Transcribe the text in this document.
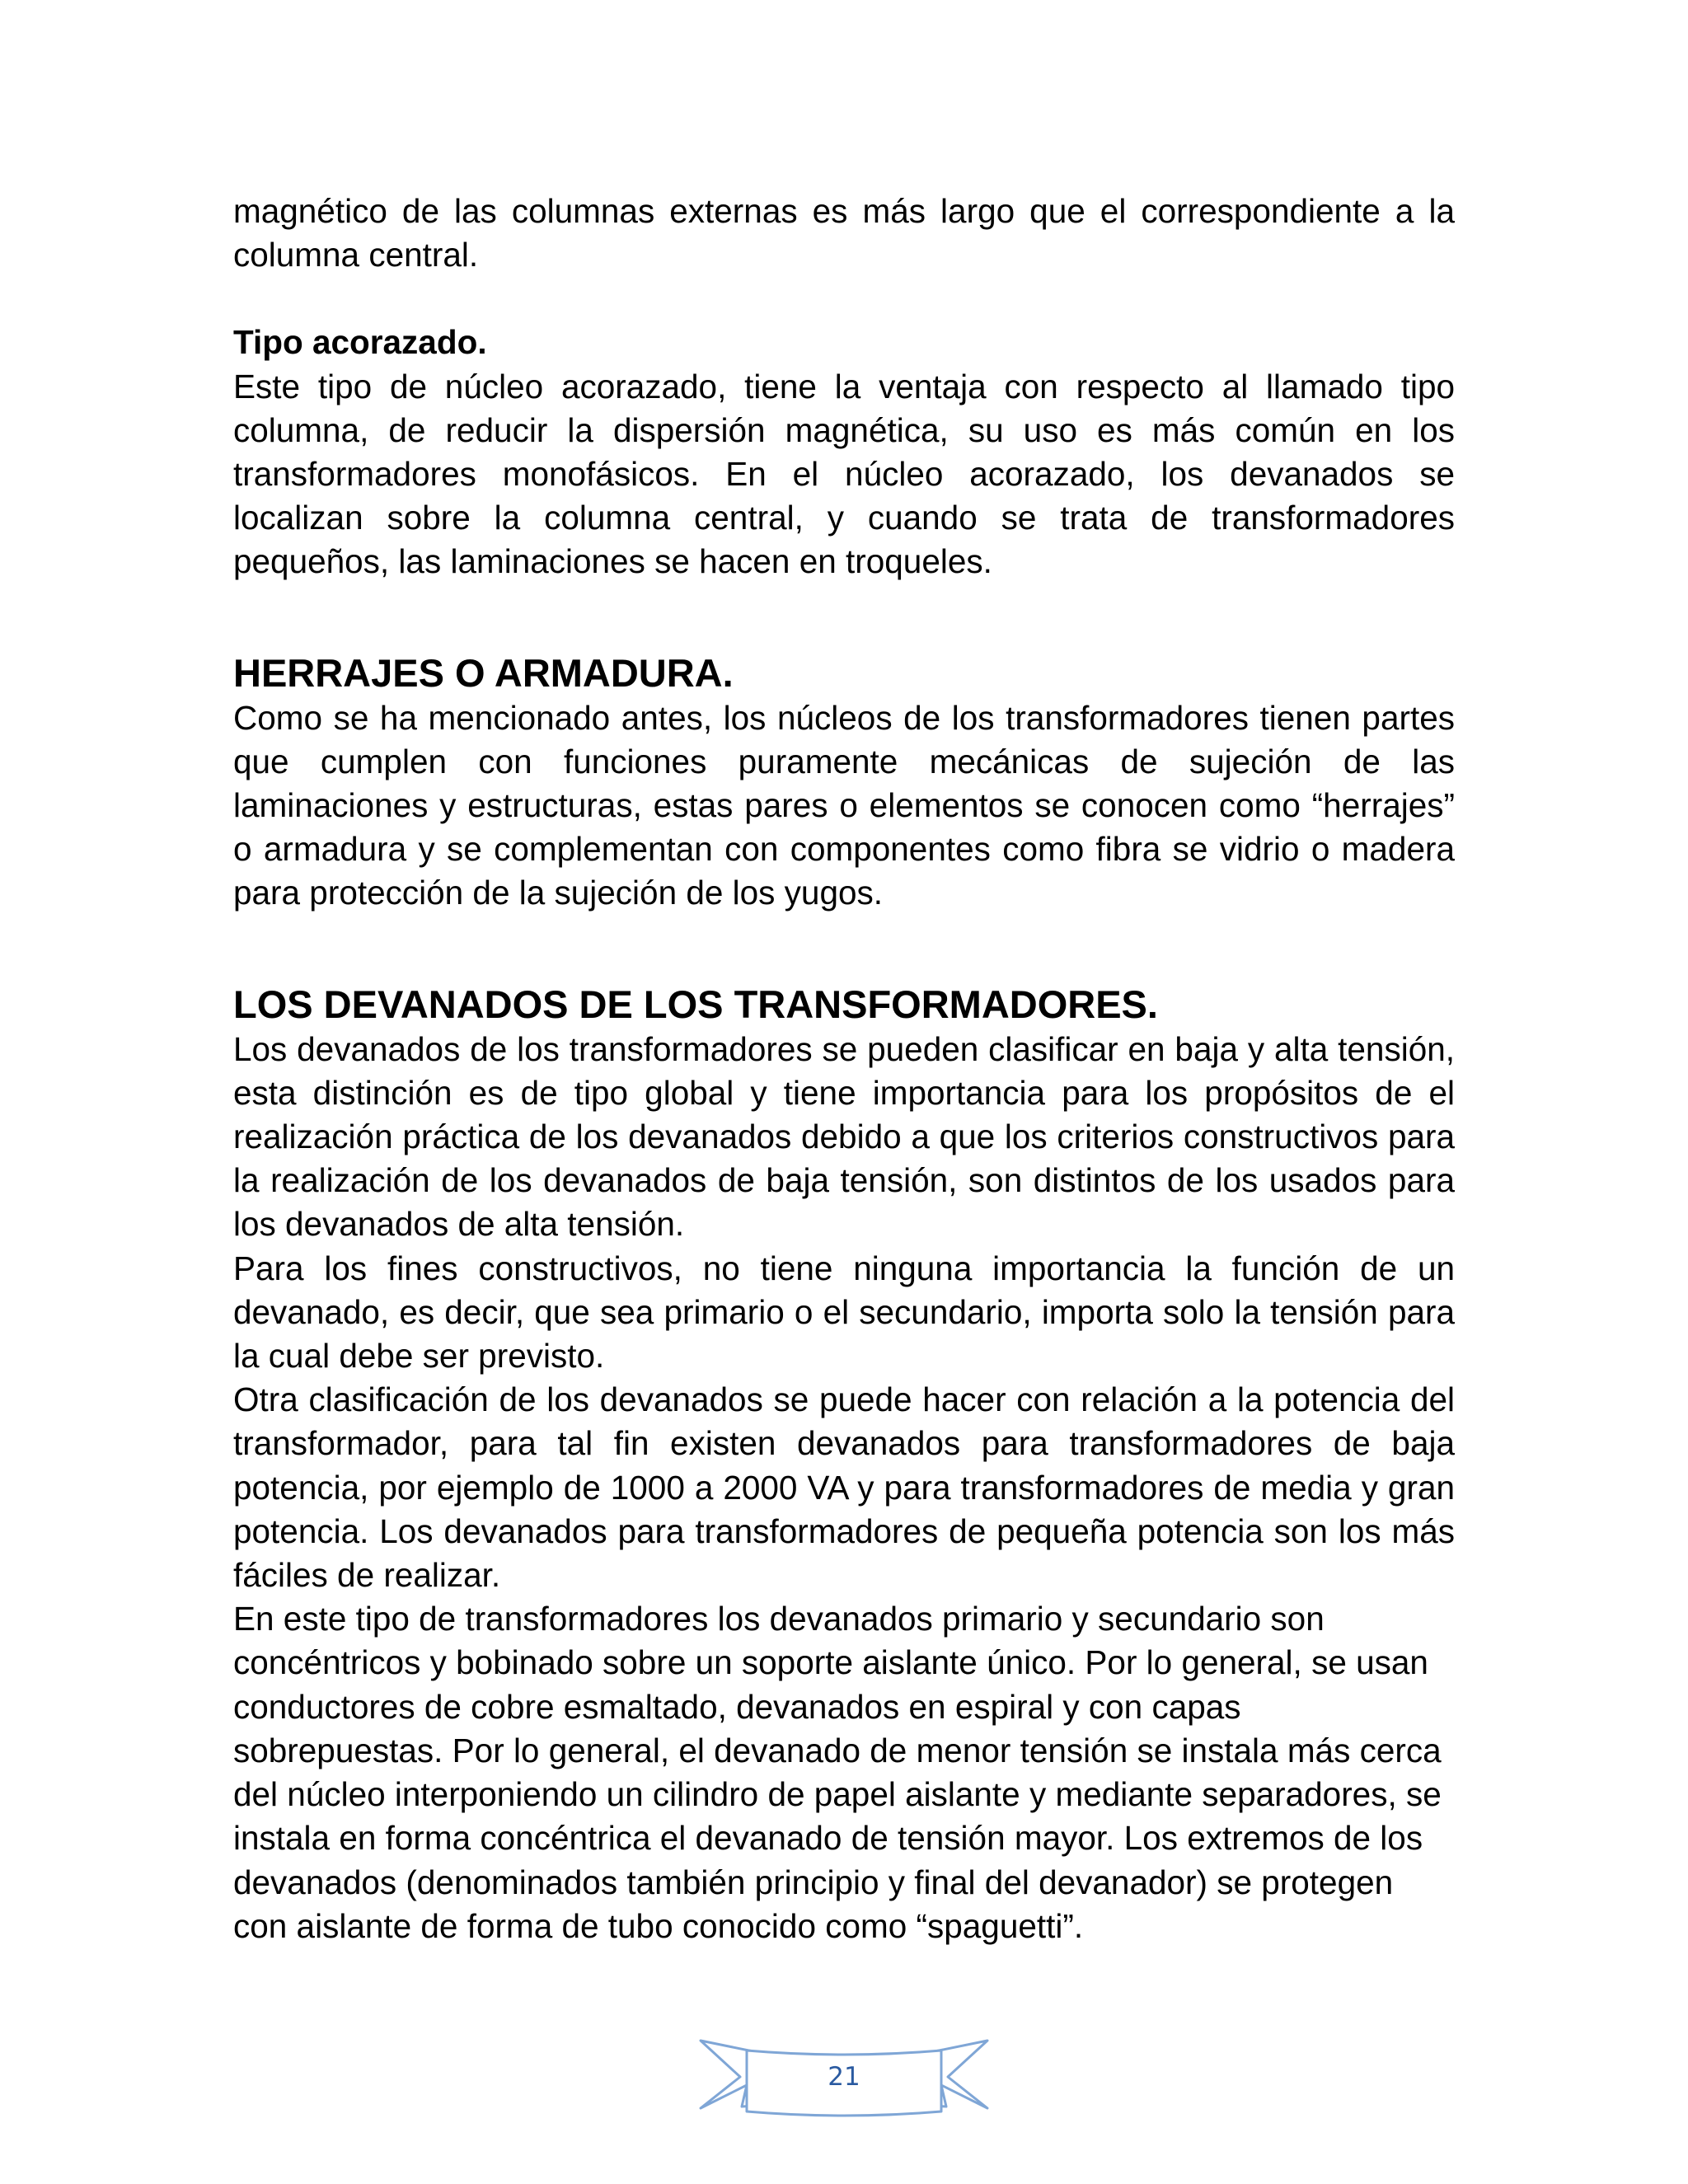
magnético de las columnas externas es más largo que el correspondiente a la columna central.

Tipo acorazado.

Este tipo de núcleo acorazado, tiene la ventaja con respecto al llamado tipo columna, de reducir la dispersión magnética, su uso es más común en los transformadores monofásicos. En el núcleo acorazado, los devanados se localizan sobre la columna central, y cuando se trata de transformadores pequeños, las laminaciones se hacen en troqueles.

HERRAJES O ARMADURA.

Como se ha mencionado antes, los núcleos de los transformadores tienen partes que cumplen con funciones puramente mecánicas de sujeción de las laminaciones y estructuras, estas pares o elementos se conocen como “herrajes” o armadura y se complementan con componentes como fibra se vidrio o madera para protección de la sujeción de los yugos.

LOS DEVANADOS DE LOS TRANSFORMADORES.

Los devanados de los transformadores se pueden clasificar en baja y alta tensión, esta distinción es de tipo global y tiene importancia para los propósitos de el realización práctica de los devanados debido a que los criterios constructivos para la realización de los devanados de baja tensión, son distintos de los usados para los devanados de alta tensión.

Para los fines constructivos, no tiene ninguna importancia la función de un devanado, es decir, que sea primario o el secundario, importa solo la tensión para la cual debe ser previsto.

Otra clasificación de los devanados se puede hacer con relación a la potencia del transformador, para tal fin existen devanados para transformadores de baja potencia, por ejemplo de 1000 a 2000 VA y para transformadores de media y gran potencia. Los devanados para transformadores de pequeña potencia son los más fáciles de realizar.

En este tipo de transformadores los devanados primario y secundario son concéntricos y bobinado sobre un soporte aislante único. Por lo general, se usan conductores de cobre esmaltado, devanados en espiral y con capas sobrepuestas. Por lo general, el devanado de menor tensión se instala más cerca del núcleo interponiendo un cilindro de papel aislante y mediante separadores, se instala en forma concéntrica el devanado de tensión mayor. Los extremos de los devanados (denominados también principio y final del devanador) se protegen con aislante de forma de tubo conocido como “spaguetti”.

21
